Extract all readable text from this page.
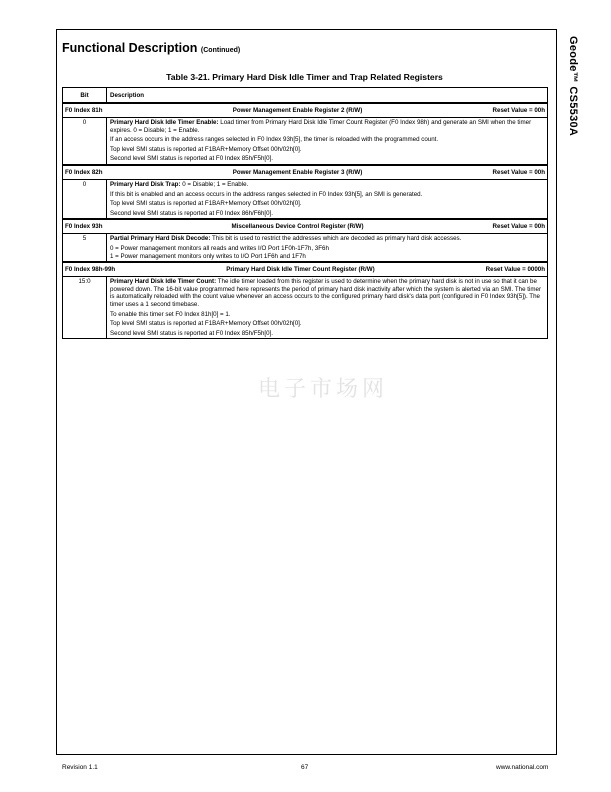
Geode™ CS5530A
Functional Description (Continued)
Table 3-21. Primary Hard Disk Idle Timer and Trap Related Registers
电子市场网
Bit	Description

F0 Index 81h Power Management Enable Register 2 (R/W) Reset Value = 00h	

0	Primary Hard Disk Idle Timer Enable: Load timer from Primary Hard Disk Idle Timer Count Register (F0 Index 98h) and generate an SMI when the timer expires. 0 = Disable; 1 = Enable.

If an access occurs in the address ranges selected in F0 Index 93h[5], the timer is reloaded with the programmed count.

Top level SMI status is reported at F1BAR+Memory Offset 00h/02h[0].

Second level SMI status is reported at F0 Index 85h/F5h[0].

F0 Index 82h Power Management Enable Register 3 (R/W) Reset Value = 00h	

0	Primary Hard Disk Trap: 0 = Disable; 1 = Enable.

If this bit is enabled and an access occurs in the address ranges selected in F0 Index 93h[5], an SMI is generated.

Top level SMI status is reported at F1BAR+Memory Offset 00h/02h[0].

Second level SMI status is reported at F0 Index 86h/F6h[0].

F0 Index 93h Miscellaneous Device Control Register (R/W) Reset Value = 00h	

5	Partial Primary Hard Disk Decode: This bit is used to restrict the addresses which are decoded as primary hard disk accesses.

0 = Power management monitors all reads and writes I/O Port 1F0h-1F7h, 3F6h
1 = Power management monitors only writes to I/O Port 1F6h and 1F7h

F0 Index 98h-99h Primary Hard Disk Idle Timer Count Register (R/W) Reset Value = 0000h	

15:0	Primary Hard Disk Idle Timer Count: The idle timer loaded from this register is used to determine when the primary hard disk is not in use so that it can be powered down. The 16-bit value programmed here represents the period of primary hard disk inactivity after which the system is alerted via an SMI. The timer is automatically reloaded with the count value whenever an access occurs to the configured primary hard disk's data port (configured in F0 Index 93h[5]). The timer uses a 1 second timebase.

To enable this timer set F0 Index 81h[0] = 1.

Top level SMI status is reported at F1BAR+Memory Offset 00h/02h[0].

Second level SMI status is reported at F0 Index 85h/F5h[0].

Revision 1.1	67	www.national.com
